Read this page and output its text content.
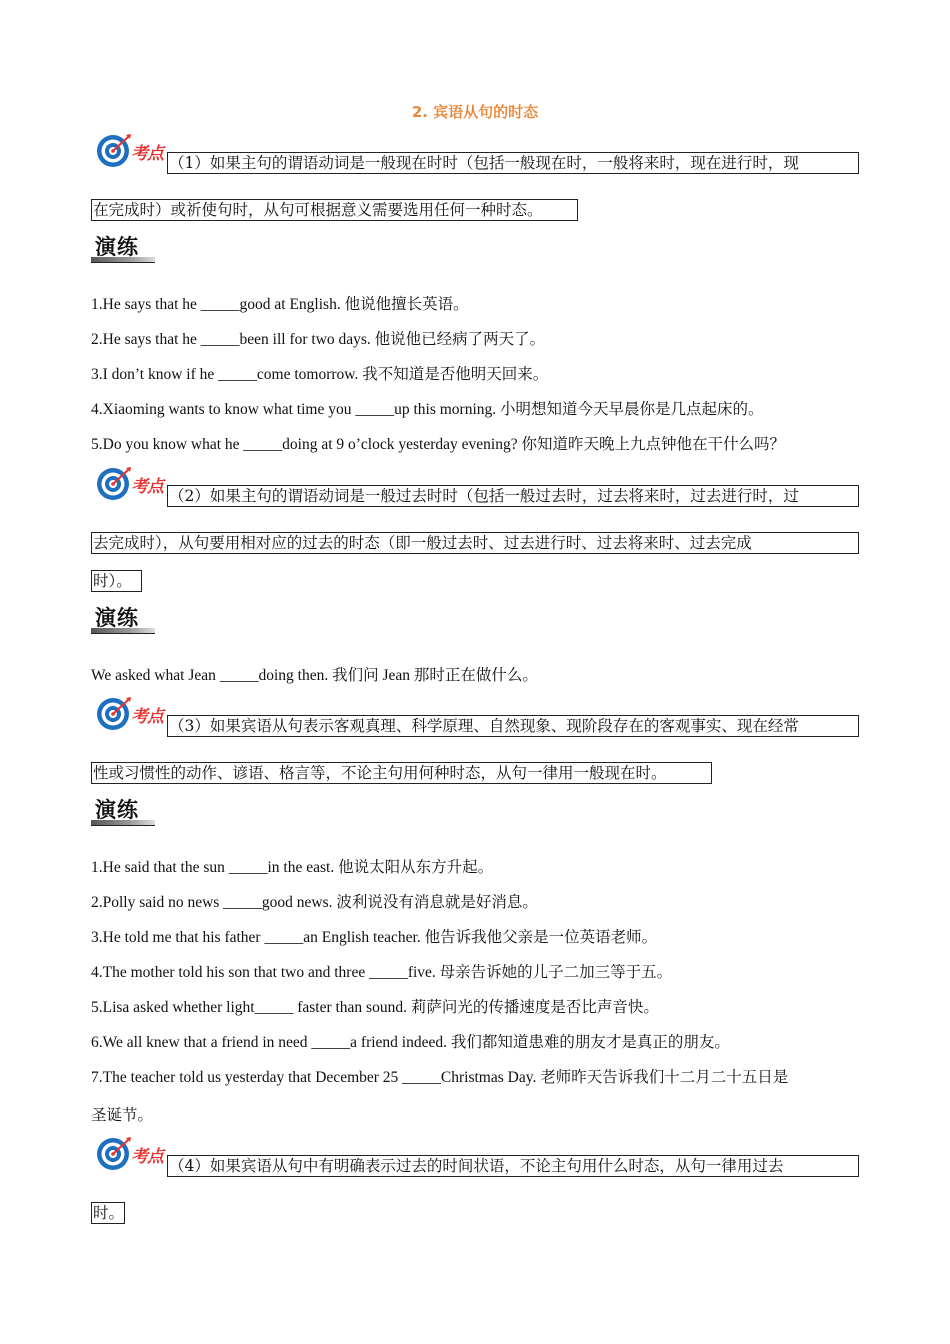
2. 宾语从句的时态
考点 （1）如果主句的谓语动词是一般现在时时（包括一般现在时，一般将来时，现在进行时，现
在完成时）或祈使句时，从句可根据意义需要选用任何一种时态。
演练
1.He says that he _____good at English. 他说他擅长英语。
2.He says that he _____been ill for two days. 他说他已经病了两天了。
3.I don’t know if he _____come tomorrow. 我不知道是否他明天回来。
4.Xiaoming wants to know what time you _____up this morning. 小明想知道今天早晨你是几点起床的。
5.Do you know what he _____doing at 9 o’clock yesterday evening? 你知道昨天晚上九点钟他在干什么吗？
考点 （2）如果主句的谓语动词是一般过去时时（包括一般过去时，过去将来时，过去进行时，过
去完成时），从句要用相对应的过去的时态（即一般过去时、过去进行时、过去将来时、过去完成
时）。
演练
We asked what Jean _____doing then. 我们问 Jean 那时正在做什么。
考点 （3）如果宾语从句表示客观真理、科学原理、自然现象、现阶段存在的客观事实、现在经常
性或习惯性的动作、谚语、格言等，不论主句用何种时态，从句一律用一般现在时。
演练
1.He said that the sun _____in the east. 他说太阳从东方升起。
2.Polly said no news _____good news. 波利说没有消息就是好消息。
3.He told me that his father _____an English teacher. 他告诉我他父亲是一位英语老师。
4.The mother told his son that two and three _____five. 母亲告诉她的儿子二加三等于五。
5.Lisa asked whether light_____ faster than sound. 莉萨问光的传播速度是否比声音快。
6.We all knew that a friend in need _____a friend indeed. 我们都知道患难的朋友才是真正的朋友。
7.The teacher told us yesterday that December 25 _____Christmas Day. 老师昨天告诉我们十二月二十五日是
圣诞节。
考点 （4）如果宾语从句中有明确表示过去的时间状语，不论主句用什么时态，从句一律用过去
时。
